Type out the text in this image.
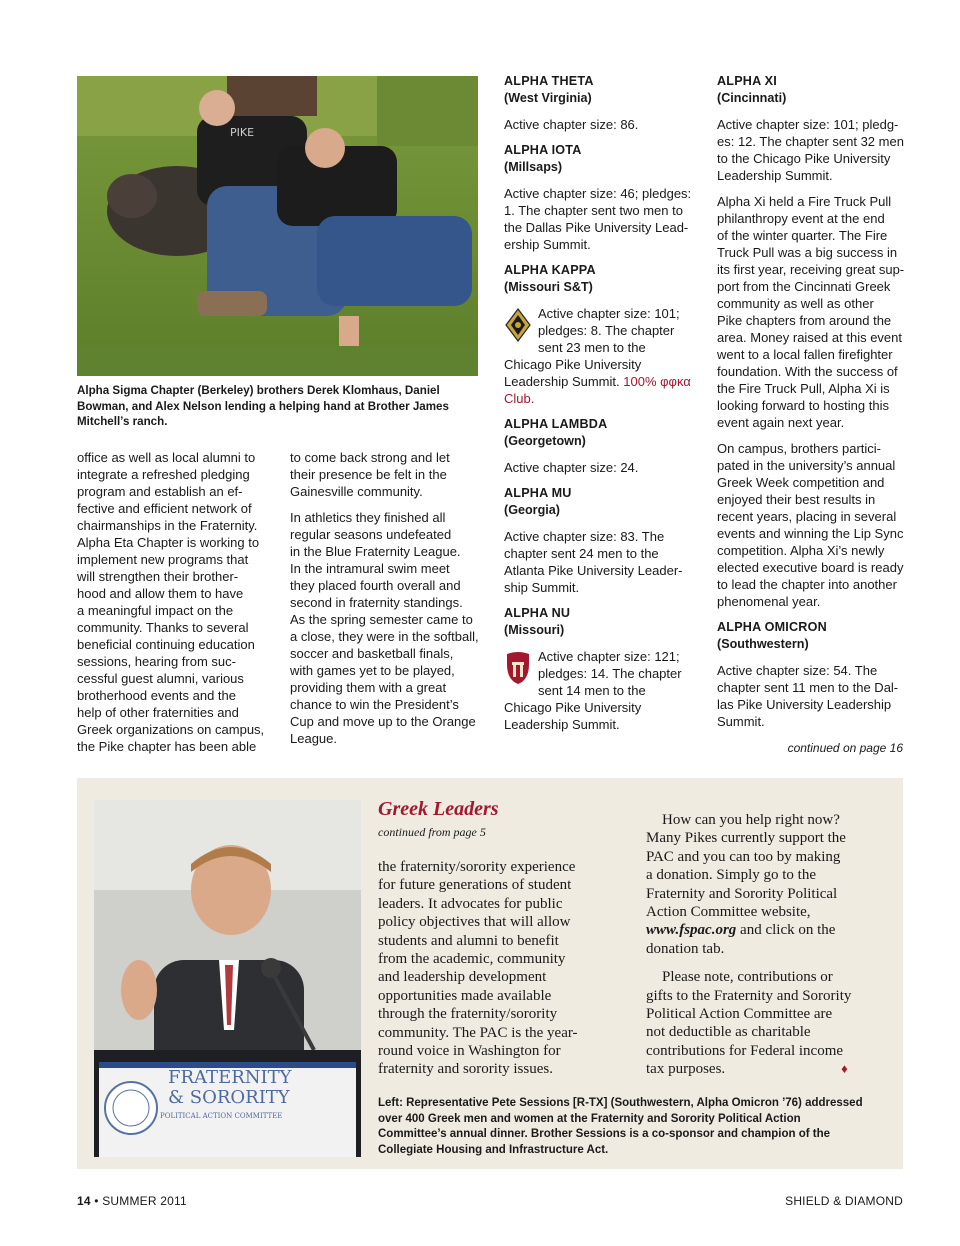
PIKE
Alpha Sigma Chapter (Berkeley) brothers Derek Klomhaus, Daniel Bowman, and Alex Nelson lending a helping hand at Brother James Mitchell’s ranch.

office as well as local alumni to
integrate a refreshed pledging
program and establish an ef-
fective and efficient network of
chairmanships in the Fraternity.
Alpha Eta Chapter is working to
implement new programs that
will strengthen their brother-
hood and allow them to have
a meaningful impact on the
community. Thanks to several
beneficial continuing education
sessions, hearing from suc-
cessful guest alumni, various
brotherhood events and the
help of other fraternities and
Greek organizations on campus,
the Pike chapter has been able

to come back strong and let
their presence be felt in the
Gainesville community.

In athletics they finished all
regular seasons undefeated
in the Blue Fraternity League.
In the intramural swim meet
they placed fourth overall and
second in fraternity standings.
As the spring semester came to
a close, they were in the softball,
soccer and basketball finals,
with games yet to be played,
providing them with a great
chance to win the President’s
Cup and move up to the Orange
League.

ALPHA THETA
(West Virginia)
Active chapter size: 86.
ALPHA IOTA
(Millsaps)
Active chapter size: 46; pledges:
1. The chapter sent two men to
the Dallas Pike University Lead-
ership Summit.
ALPHA KAPPA
(Missouri S&T)
Active chapter size: 101;
pledges: 8. The chapter
sent 23 men to the
Chicago Pike University
Leadership Summit. 100% φφκα
Club.
ALPHA LAMBDA
(Georgetown)
Active chapter size: 24.
ALPHA MU
(Georgia)
Active chapter size: 83. The
chapter sent 24 men to the
Atlanta Pike University Leader-
ship Summit.
ALPHA NU
(Missouri)
Active chapter size: 121;
pledges: 14. The chapter
sent 14 men to the
Chicago Pike University
Leadership Summit.
ALPHA XI
(Cincinnati)

Active chapter size: 101; pledg-
es: 12. The chapter sent 32 men
to the Chicago Pike University
Leadership Summit.

Alpha Xi held a Fire Truck Pull
philanthropy event at the end
of the winter quarter. The Fire
Truck Pull was a big success in
its first year, receiving great sup-
port from the Cincinnati Greek
community as well as other
Pike chapters from around the
area. Money raised at this event
went to a local fallen firefighter
foundation. With the success of
the Fire Truck Pull, Alpha Xi is
looking forward to hosting this
event again next year.

On campus, brothers partici-
pated in the university’s annual
Greek Week competition and
enjoyed their best results in
recent years, placing in several
events and winning the Lip Sync
competition. Alpha Xi’s newly
elected executive board is ready
to lead the chapter into another
phenomenal year.

ALPHA OMICRON
(Southwestern)

Active chapter size: 54. The
chapter sent 11 men to the Dal-
las Pike University Leadership
Summit.

continued on page 16
FRATERNITY
& SORORITY
POLITICAL ACTION COMMITTEE
Greek Leaders
continued from page 5

the fraternity/sorority experience
for future generations of student
leaders. It advocates for public
policy objectives that will allow
students and alumni to benefit
from the academic, community
and leadership development
opportunities made available
through the fraternity/sorority
community. The PAC is the year-
round voice in Washington for
fraternity and sorority issues.

How can you help right now?
Many Pikes currently support the
PAC and you can too by making
a donation. Simply go to the
Fraternity and Sorority Political
Action Committee website,
www.fspac.org and click on the
donation tab.

Please note, contributions or
gifts to the Fraternity and Sorority
Political Action Committee are
not deductible as charitable
contributions for Federal income
tax purposes.	♦

Left: Representative Pete Sessions [R-TX] (Southwestern, Alpha Omicron ’76) addressed over 400 Greek men and women at the Fraternity and Sorority Political Action Committee’s annual dinner. Brother Sessions is a co-sponsor and champion of the Collegiate Housing and Infrastructure Act.
14 • SUMMER 2011	SHIELD & DIAMOND
